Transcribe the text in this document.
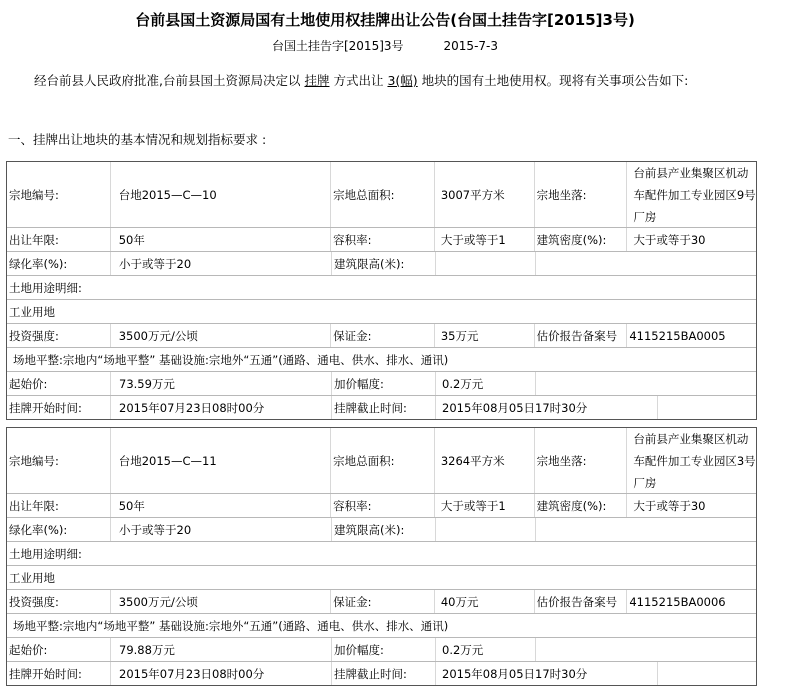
台前县国土资源局国有土地使用权挂牌出让公告(台国土挂告字[2015]3号)
台国土挂告字[2015]3号	2015-7-3
经台前县人民政府批准,台前县国土资源局决定以 挂牌 方式出让 3(幅) 地块的国有土地使用权。现将有关事项公告如下:
一、挂牌出让地块的基本情况和规划指标要求 :
宗地编号:	台地2015—C—10	宗地总面积:	3007平方米	宗地坐落:
台前县产业集聚区机动车配件加工专业园区9号厂房
出让年限:	50年	容积率:	大于或等于1	建筑密度(%):	大于或等于30
绿化率(%):	小于或等于20	建筑限高(米):
土地用途明细:
工业用地
投资强度:	3500万元/公顷	保证金:	35万元	估价报告备案号	4115215BA0005
场地平整:宗地内“场地平整” 基础设施:宗地外“五通”(通路、通电、供水、排水、通讯)
起始价:	73.59万元	加价幅度:	0.2万元
挂牌开始时间:	2015年07月23日08时00分	挂牌截止时间:	2015年08月05日17时30分
宗地编号:	台地2015—C—11	宗地总面积:	3264平方米	宗地坐落:
台前县产业集聚区机动车配件加工专业园区3号厂房
出让年限:	50年	容积率:	大于或等于1	建筑密度(%):	大于或等于30
绿化率(%):	小于或等于20	建筑限高(米):
土地用途明细:
工业用地
投资强度:	3500万元/公顷	保证金:	40万元	估价报告备案号	4115215BA0006
场地平整:宗地内“场地平整” 基础设施:宗地外“五通”(通路、通电、供水、排水、通讯)
起始价:	79.88万元	加价幅度:	0.2万元
挂牌开始时间:	2015年07月23日08时00分	挂牌截止时间:	2015年08月05日17时30分
